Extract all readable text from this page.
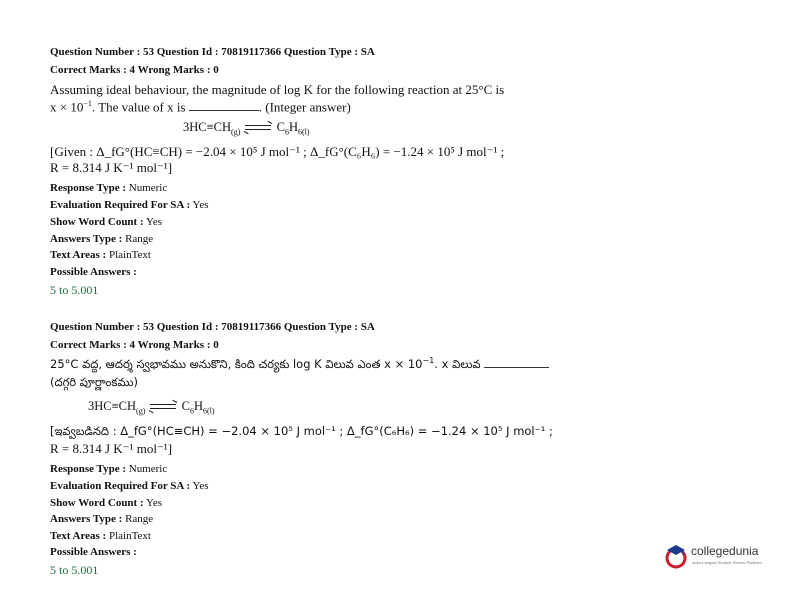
Question Number : 53 Question Id : 70819117366 Question Type : SA
Correct Marks : 4 Wrong Marks : 0
Assuming ideal behaviour, the magnitude of log K for the following reaction at 25°C is
$x \times 10^{-1}$. The value of x is	. (Integer answer)
$3HC\equiv CH_{(g)}$	$C_6H_{6(l)}$
[Given : Δ_fG°(HC≡CH) = −2.04 × 10⁵ J mol⁻¹ ; Δ_fG°(C₆H₆) = −1.24 × 10⁵ J mol⁻¹ ;
R = 8.314 J K⁻¹ mol⁻¹]
Response Type : Numeric
Evaluation Required For SA : Yes
Show Word Count : Yes
Answers Type : Range
Text Areas : PlainText
Possible Answers :
5 to 5.001
Question Number : 53 Question Id : 70819117366 Question Type : SA
Correct Marks : 4 Wrong Marks : 0
25°C వద్ద, ఆదర్శ స్వభావము అనుకొని, కింది చర్యకు log K విలువ ఎంత $x \times 10^{-1}$. x విలువ
(దగ్గరి పూర్ణాంకము)
$3HC\equiv CH_{(g)}$	$C_6H_{6(l)}$
[ఇవ్వబడినది : Δ_fG°(HC≡CH) = −2.04 × 10⁵ J mol⁻¹ ; Δ_fG°(C₆H₆) = −1.24 × 10⁵ J mol⁻¹ ;
R = 8.314 J K⁻¹ mol⁻¹]
Response Type : Numeric
Evaluation Required For SA : Yes
Show Word Count : Yes
Answers Type : Range
Text Areas : PlainText
Possible Answers :
5 to 5.001
collegedunia
India's largest Student Review Platform
